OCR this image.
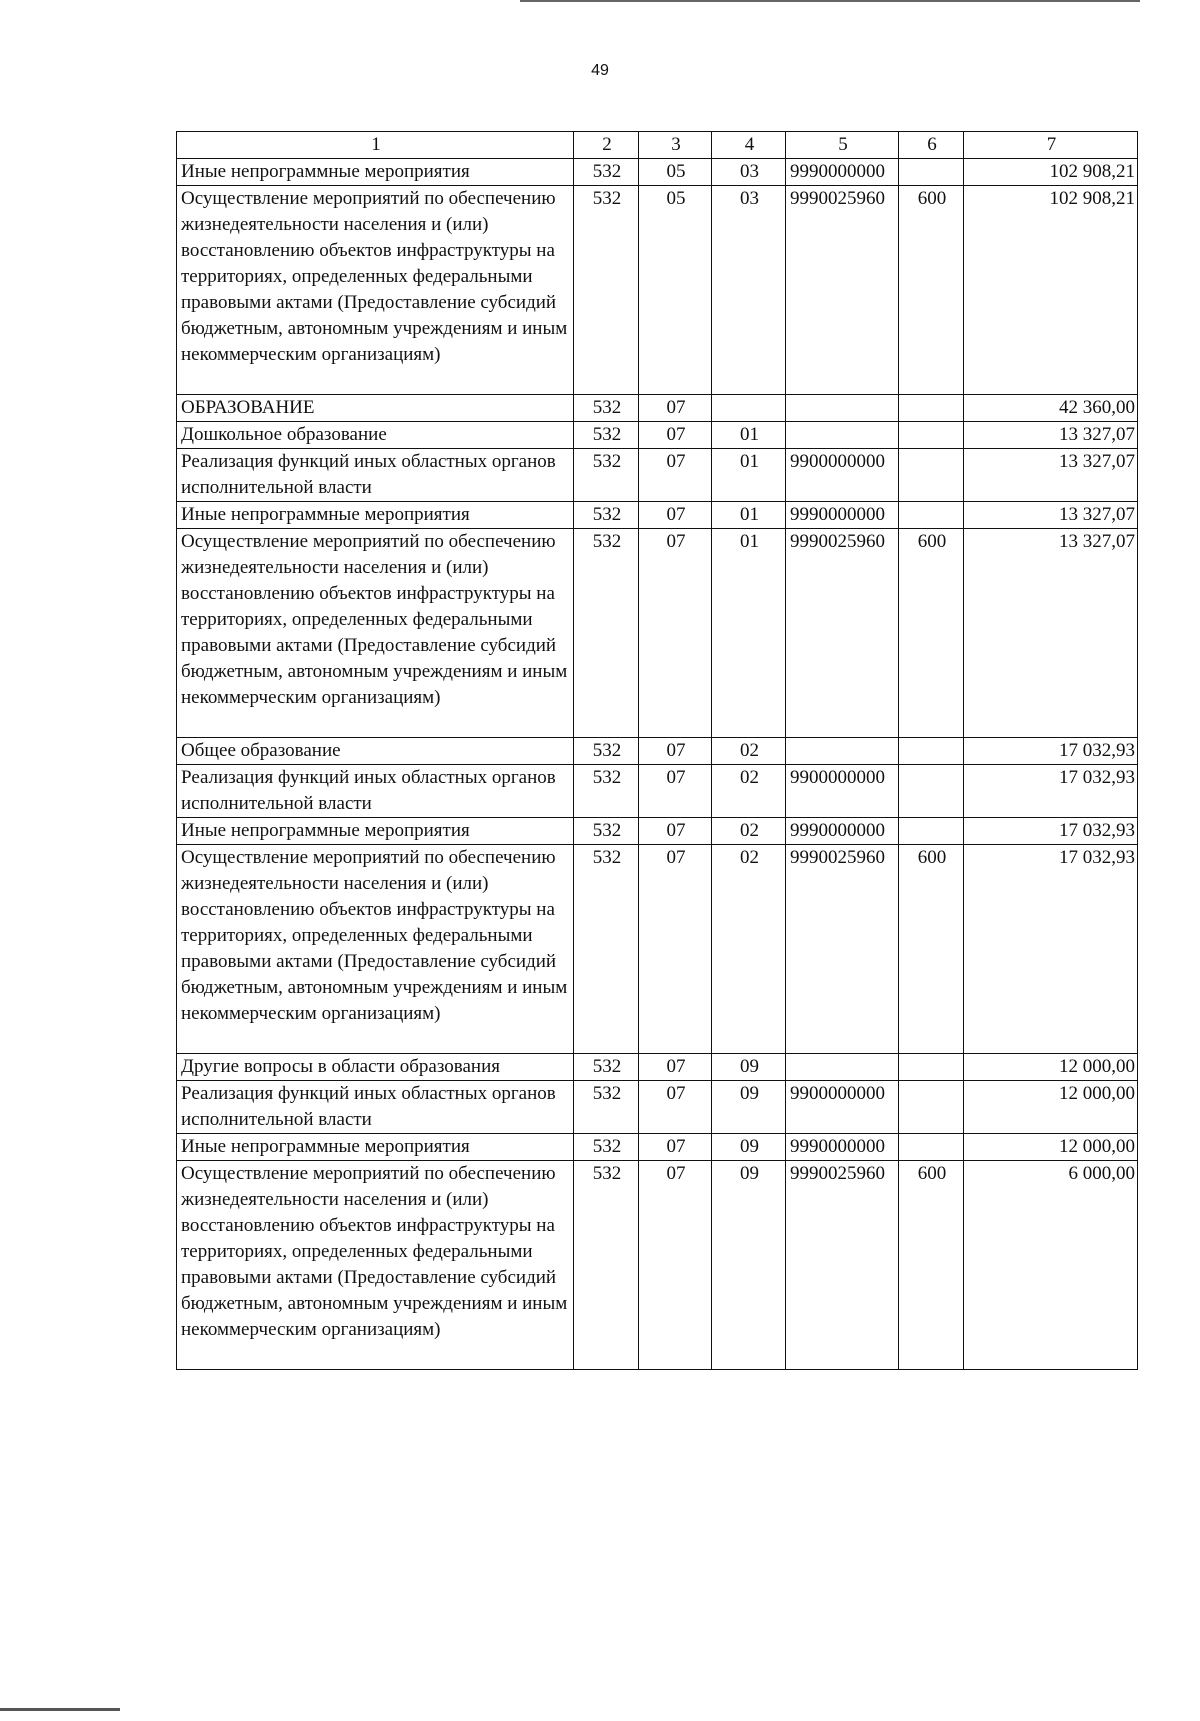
49
1	2	3	4	5	6	7
Иные непрограммные мероприятия	532	05	03	9990000000		102 908,21
Осуществление мероприятий по обеспечению жизнедеятельности населения и (или) восстановлению объектов инфраструктуры на территориях, определенных федеральными правовыми актами (Предоставление субсидий бюджетным, автономным учреждениям и иным некоммерческим организациям)	532	05	03	9990025960	600	102 908,21
ОБРАЗОВАНИЕ	532	07				42 360,00
Дошкольное образование	532	07	01			13 327,07
Реализация функций иных областных органов исполнительной власти	532	07	01	9900000000		13 327,07
Иные непрограммные мероприятия	532	07	01	9990000000		13 327,07
Осуществление мероприятий по обеспечению жизнедеятельности населения и (или) восстановлению объектов инфраструктуры на территориях, определенных федеральными правовыми актами (Предоставление субсидий бюджетным, автономным учреждениям и иным некоммерческим организациям)	532	07	01	9990025960	600	13 327,07
Общее образование	532	07	02			17 032,93
Реализация функций иных областных органов исполнительной власти	532	07	02	9900000000		17 032,93
Иные непрограммные мероприятия	532	07	02	9990000000		17 032,93
Осуществление мероприятий по обеспечению жизнедеятельности населения и (или) восстановлению объектов инфраструктуры на территориях, определенных федеральными правовыми актами (Предоставление субсидий бюджетным, автономным учреждениям и иным некоммерческим организациям)	532	07	02	9990025960	600	17 032,93
Другие вопросы в области образования	532	07	09			12 000,00
Реализация функций иных областных органов исполнительной власти	532	07	09	9900000000		12 000,00
Иные непрограммные мероприятия	532	07	09	9990000000		12 000,00
Осуществление мероприятий по обеспечению жизнедеятельности населения и (или) восстановлению объектов инфраструктуры на территориях, определенных федеральными правовыми актами (Предоставление субсидий бюджетным, автономным учреждениям и иным некоммерческим организациям)	532	07	09	9990025960	600	6 000,00
